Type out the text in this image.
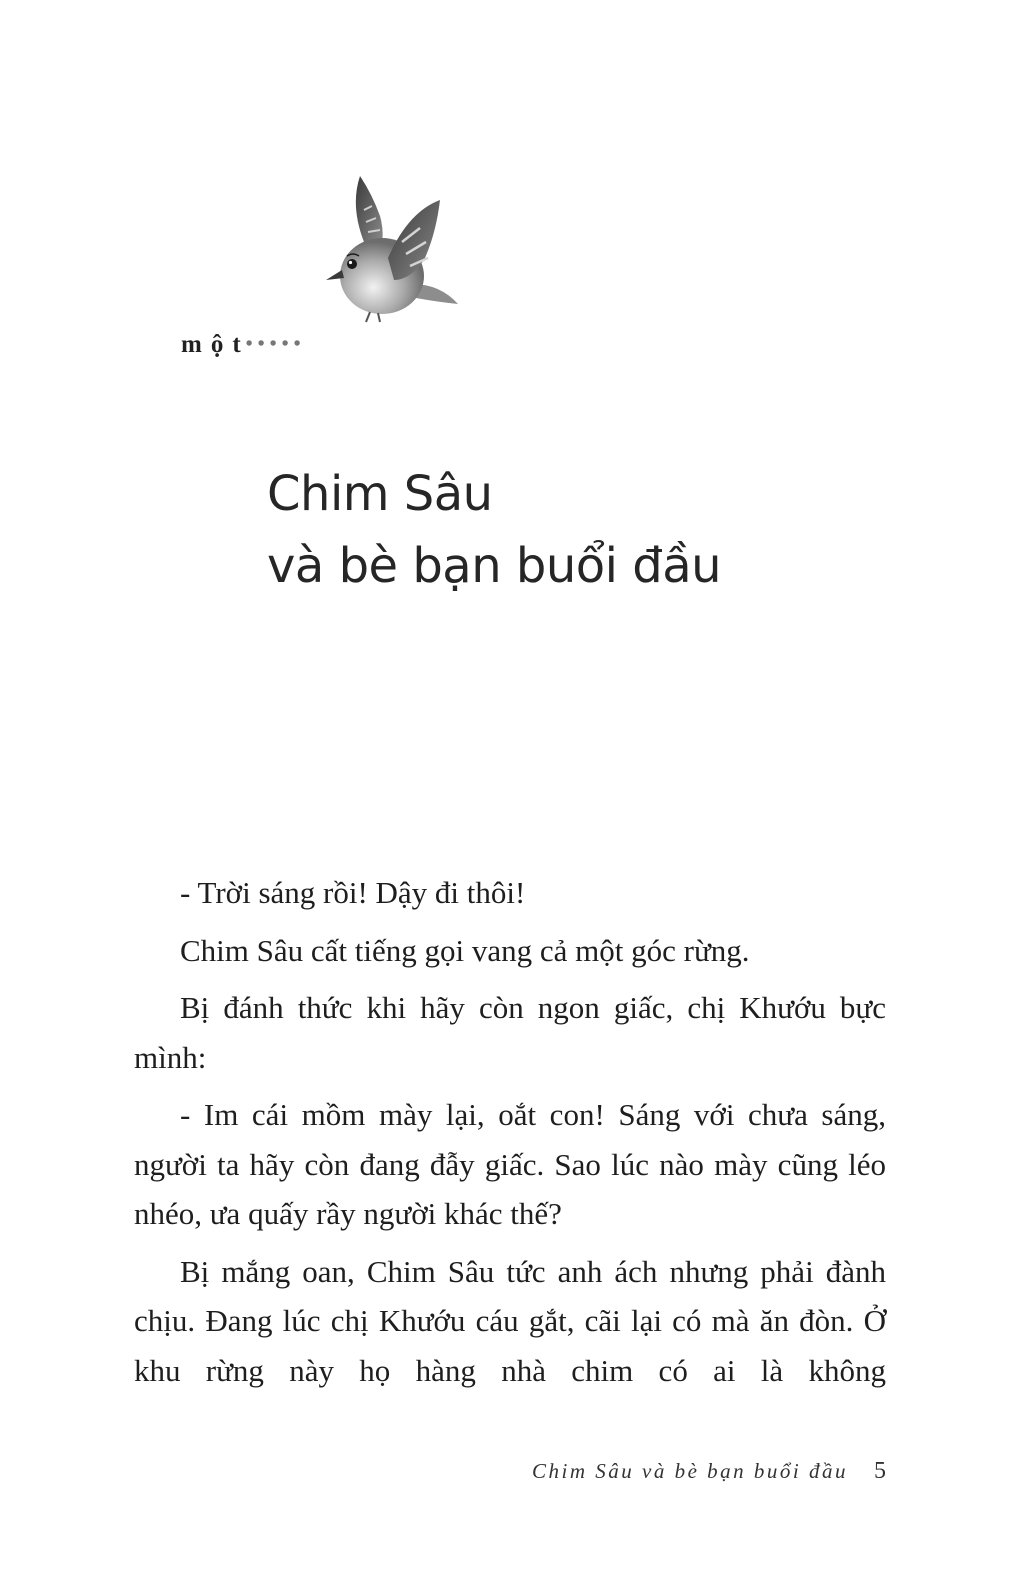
một•••••
Chim Sâu
và bè bạn buổi đầu

- Trời sáng rồi! Dậy đi thôi!

Chim Sâu cất tiếng gọi vang cả một góc rừng.

Bị đánh thức khi hãy còn ngon giấc, chị Khướu bực mình:

- Im cái mồm mày lại, oắt con! Sáng với chưa sáng, người ta hãy còn đang đẫy giấc. Sao lúc nào mày cũng léo nhéo, ưa quấy rầy người khác thế?

Bị mắng oan, Chim Sâu tức anh ách nhưng phải đành chịu. Đang lúc chị Khướu cáu gắt, cãi lại có mà ăn đòn. Ở khu rừng này họ hàng nhà chim có ai là không

Chim Sâu và bè bạn buổi đầu 5
